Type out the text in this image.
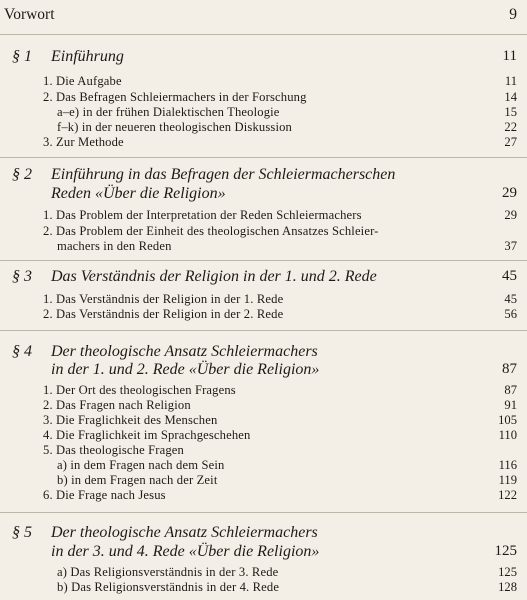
Vorwort	9
§ 1 Einführung	11
1. Die Aufgabe	11
2. Das Befragen Schleiermachers in der Forschung	14
a–e) in der frühen Dialektischen Theologie	15
f–k) in der neueren theologischen Diskussion	22
3. Zur Methode	27
§ 2 Einführung in das Befragen der Schleiermacherschen
Reden «Über die Religion»	29
1. Das Problem der Interpretation der Reden Schleiermachers	29
2. Das Problem der Einheit des theologischen Ansatzes Schleier-
machers in den Reden	37
§ 3 Das Verständnis der Religion in der 1. und 2. Rede	45
1. Das Verständnis der Religion in der 1. Rede	45
2. Das Verständnis der Religion in der 2. Rede	56
§ 4 Der theologische Ansatz Schleiermachers
in der 1. und 2. Rede «Über die Religion»	87
1. Der Ort des theologischen Fragens	87
2. Das Fragen nach Religion	91
3. Die Fraglichkeit des Menschen	105
4. Die Fraglichkeit im Sprachgeschehen	110
5. Das theologische Fragen
a) in dem Fragen nach dem Sein	116
b) in dem Fragen nach der Zeit	119
6. Die Frage nach Jesus	122
§ 5 Der theologische Ansatz Schleiermachers
in der 3. und 4. Rede «Über die Religion»	125
a) Das Religionsverständnis in der 3. Rede	125
b) Das Religionsverständnis in der 4. Rede	128
